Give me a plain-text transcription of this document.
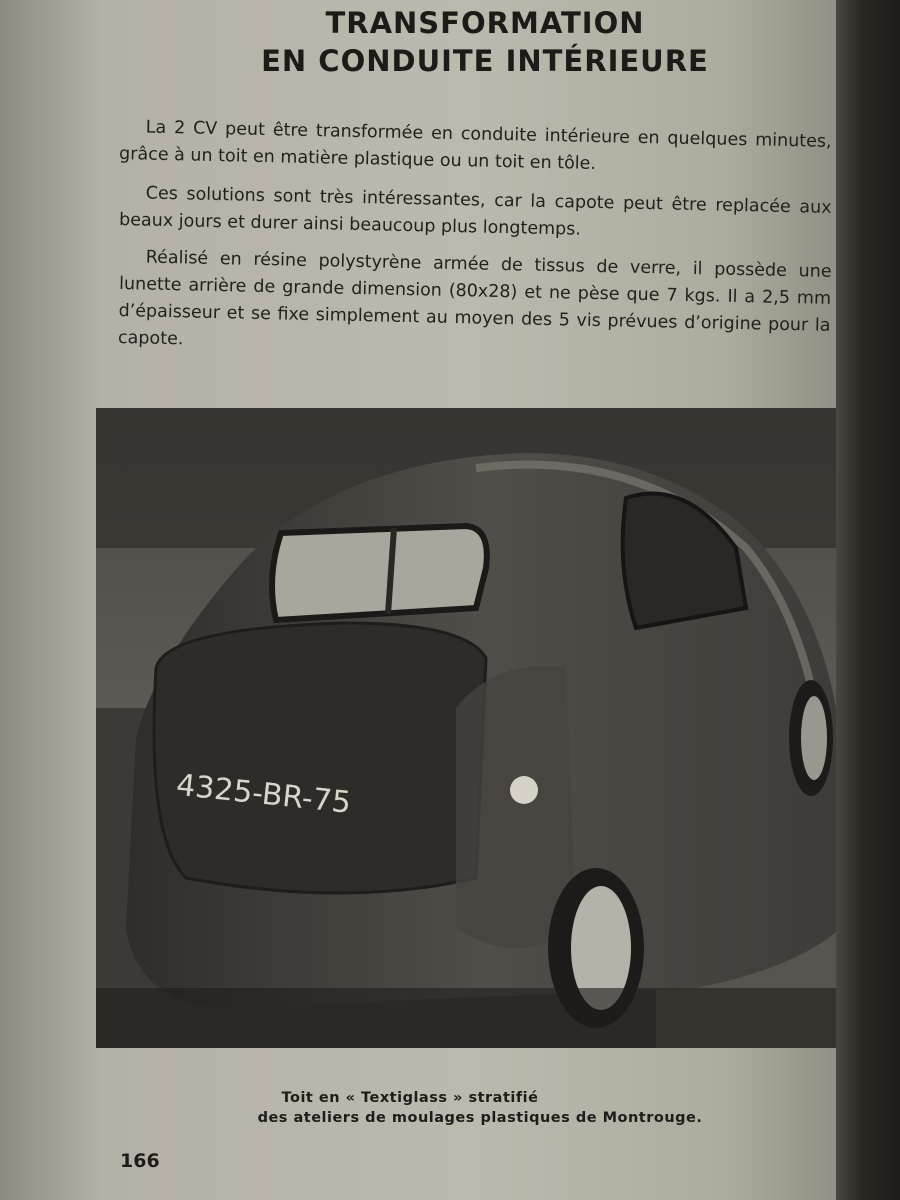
TRANSFORMATION
EN CONDUITE INTÉRIEURE

La 2 CV peut être transformée en conduite intérieure en quelques minutes, grâce à un toit en matière plastique ou un toit en tôle.

Ces solutions sont très intéressantes, car la capote peut être replacée aux beaux jours et durer ainsi beaucoup plus longtemps.

Réalisé en résine polystyrène armée de tissus de verre, il possède une lunette arrière de grande dimension (80x28) et ne pèse que 7 kgs. Il a 2,5 mm d’épaisseur et se fixe simplement au moyen des 5 vis prévues d’origine pour la capote.

4325-BR-75

Toit en « Textiglass » stratifié

des ateliers de moulages plastiques de Montrouge.

166
